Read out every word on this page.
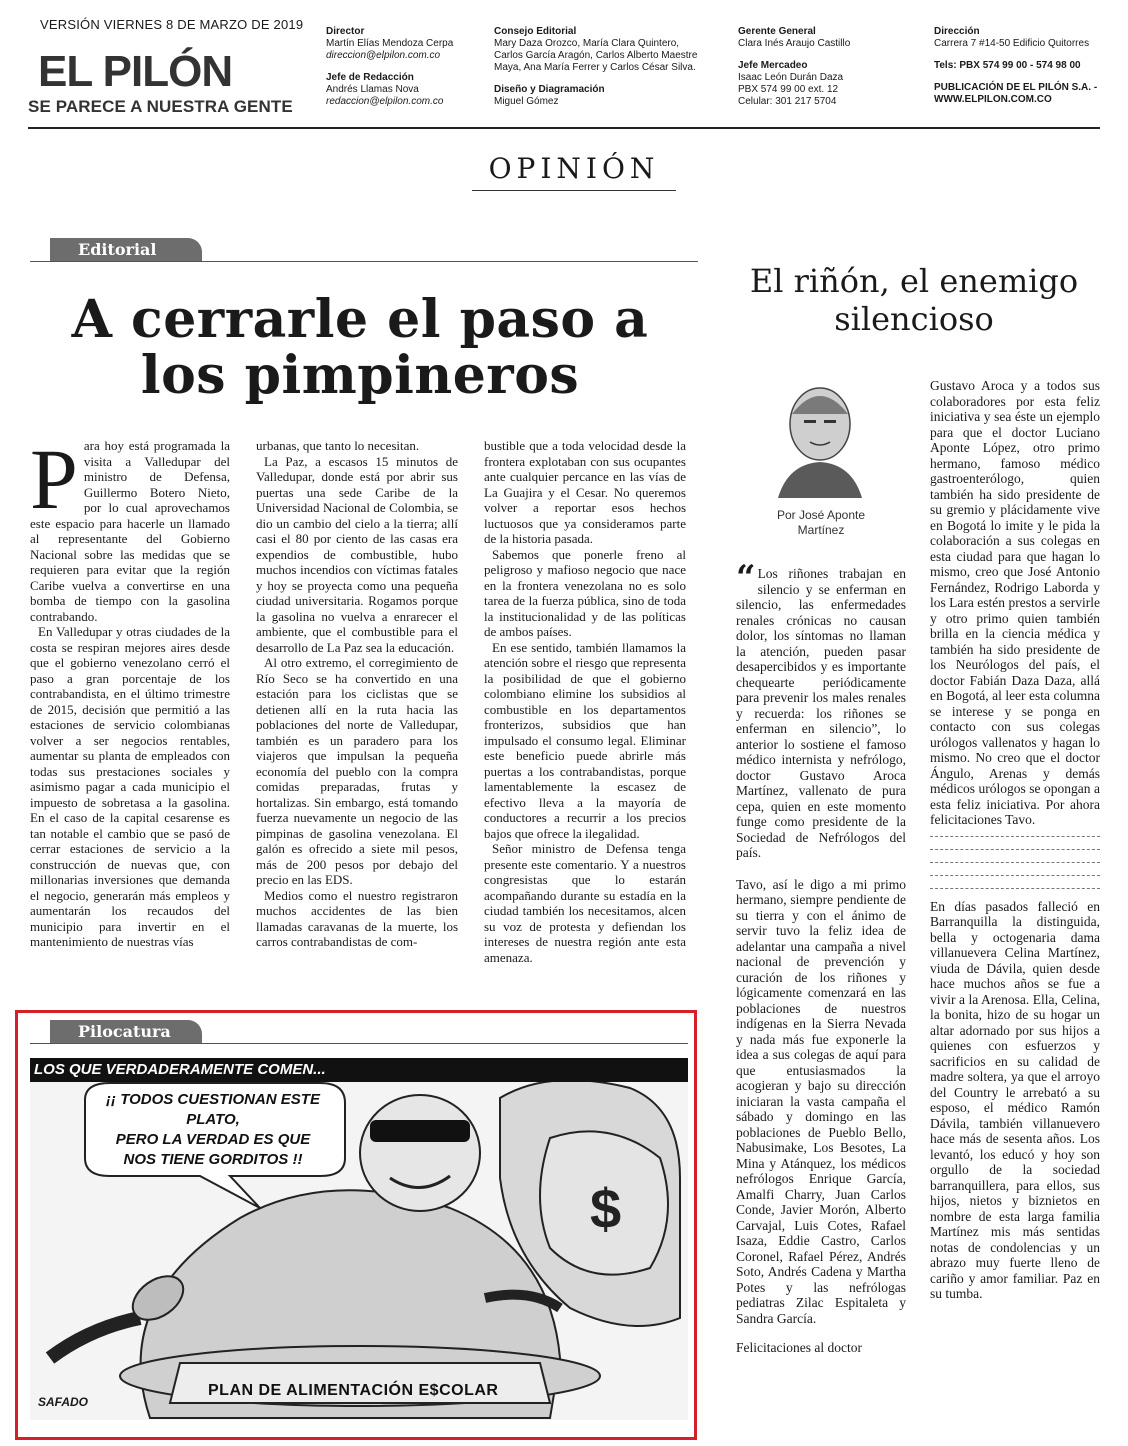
VERSIÓN VIERNES 8 DE MARZO DE 2019
EL PILÓN
SE PARECE A NUESTRA GENTE
Director
Martín Elías Mendoza Cerpa
direccion@elpilon.com.co
Jefe de Redacción
Andrés Llamas Nova
redaccion@elpilon.com.co
Consejo Editorial
Mary Daza Orozco, María Clara Quintero,
Carlos García Aragón, Carlos Alberto Maestre
Maya, Ana María Ferrer y Carlos César Silva.
Diseño y Diagramación
Miguel Gómez
Gerente General
Clara Inés Araujo Castillo
Jefe Mercadeo
Isaac León Durán Daza
PBX 574 99 00 ext. 12
Celular: 301 217 5704
Dirección
Carrera 7 #14-50 Edificio Quitorres
Tels: PBX 574 99 00 - 574 98 00
PUBLICACIÓN DE EL PILÓN S.A. -
WWW.ELPILON.COM.CO
OPINIÓN
Editorial
A cerrarle el paso a
los pimpineros
P ara hoy está programada la visita a Valledupar del ministro de Defensa, Guillermo Botero Nieto, por lo cual aprovechamos este espacio para hacerle un llamado al representante del Gobierno Nacional sobre las medidas que se requieren para evitar que la región Caribe vuelva a convertirse en una bomba de tiempo con la gasolina contrabando.

En Valledupar y otras ciudades de la costa se respiran mejores aires desde que el gobierno venezolano cerró el paso a gran porcentaje de los contrabandista, en el último trimestre de 2015, decisión que permitió a las estaciones de servicio colombianas volver a ser negocios rentables, aumentar su planta de empleados con todas sus prestaciones sociales y asimismo pagar a cada municipio el impuesto de sobretasa a la gasolina. En el caso de la capital cesarense es tan notable el cambio que se pasó de cerrar estaciones de servicio a la construcción de nuevas que, con millonarias inversiones que demanda el negocio, generarán más empleos y aumentarán los recaudos del municipio para invertir en el mantenimiento de nuestras vías

urbanas, que tanto lo necesitan.

La Paz, a escasos 15 minutos de Valledupar, donde está por abrir sus puertas una sede Caribe de la Universidad Nacional de Colombia, se dio un cambio del cielo a la tierra; allí casi el 80 por ciento de las casas era expendios de combustible, hubo muchos incendios con víctimas fatales y hoy se proyecta como una pequeña ciudad universitaria. Rogamos porque la gasolina no vuelva a enrarecer el ambiente, que el combustible para el desarrollo de La Paz sea la educación.

Al otro extremo, el corregimiento de Río Seco se ha convertido en una estación para los ciclistas que se detienen allí en la ruta hacia las poblaciones del norte de Valledupar, también es un paradero para los viajeros que impulsan la pequeña economía del pueblo con la compra comidas preparadas, frutas y hortalizas. Sin embargo, está tomando fuerza nuevamente un negocio de las pimpinas de gasolina venezolana. El galón es ofrecido a siete mil pesos, más de 200 pesos por debajo del precio en las EDS.

Medios como el nuestro registraron muchos accidentes de las bien llamadas caravanas de la muerte, los carros contrabandistas de com-

bustible que a toda velocidad desde la frontera explotaban con sus ocupantes ante cualquier percance en las vías de La Guajira y el Cesar. No queremos volver a reportar esos hechos luctuosos que ya consideramos parte de la historia pasada.

Sabemos que ponerle freno al peligroso y mafioso negocio que nace en la frontera venezolana no es solo tarea de la fuerza pública, sino de toda la institucionalidad y de las políticas de ambos países.

En ese sentido, también llamamos la atención sobre el riesgo que representa la posibilidad de que el gobierno colombiano elimine los subsidios al combustible en los departamentos fronterizos, subsidios que han impulsado el consumo legal. Eliminar este beneficio puede abrirle más puertas a los contrabandistas, porque lamentablemente la escasez de efectivo lleva a la mayoría de conductores a recurrir a los precios bajos que ofrece la ilegalidad.

Señor ministro de Defensa tenga presente este comentario. Y a nuestros congresistas que lo estarán acompañando durante su estadía en la ciudad también los necesitamos, alcen su voz de protesta y defiendan los intereses de nuestra región ante esta amenaza.

Pilocatura
$
LOS QUE VERDADERAMENTE COMEN...
¡¡ TODOS CUESTIONAN ESTE PLATO,
PERO LA VERDAD ES QUE
NOS TIENE GORDITOS !!
PLAN DE ALIMENTACIÓN E$COLAR
SAFADO
El riñón, el enemigo
silencioso
Por José Aponte
Martínez
“ Los riñones trabajan en silencio y se enferman en silencio, las enfermedades renales crónicas no causan dolor, los síntomas no llaman la atención, pueden pasar desapercibidos y es importante chequearte periódicamente para prevenir los males renales y recuerda: los riñones se enferman en silencio”, lo anterior lo sostiene el famoso médico internista y nefrólogo, doctor Gustavo Aroca Martínez, vallenato de pura cepa, quien en este momento funge como presidente de la Sociedad de Nefrólogos del país.

Tavo, así le digo a mi primo hermano, siempre pendiente de su tierra y con el ánimo de servir tuvo la feliz idea de adelantar una campaña a nivel nacional de prevención y curación de los riñones y lógicamente comenzará en las poblaciones de nuestros indígenas en la Sierra Nevada y nada más fue exponerle la idea a sus colegas de aquí para que entusiasmados la acogieran y bajo su dirección iniciaran la vasta campaña el sábado y domingo en las poblaciones de Pueblo Bello, Nabusimake, Los Besotes, La Mina y Atánquez, los médicos nefrólogos Enrique García, Amalfi Charry, Juan Carlos Conde, Javier Morón, Alberto Carvajal, Luis Cotes, Rafael Isaza, Eddie Castro, Carlos Coronel, Rafael Pérez, Andrés Soto, Andrés Cadena y Martha Potes y las nefrólogas pediatras Zilac Espitaleta y Sandra García.

Felicitaciones al doctor

Gustavo Aroca y a todos sus colaboradores por esta feliz iniciativa y sea éste un ejemplo para que el doctor Luciano Aponte López, otro primo hermano, famoso médico gastroenterólogo, quien también ha sido presidente de su gremio y plácidamente vive en Bogotá lo imite y le pida la colaboración a sus colegas en esta ciudad para que hagan lo mismo, creo que José Antonio Fernández, Rodrigo Laborda y los Lara estén prestos a servirle y otro primo quien también brilla en la ciencia médica y también ha sido presidente de los Neurólogos del país, el doctor Fabián Daza Daza, allá en Bogotá, al leer esta columna se interese y se ponga en contacto con sus colegas urólogos vallenatos y hagan lo mismo. No creo que el doctor Ángulo, Arenas y demás médicos urólogos se opongan a esta feliz iniciativa. Por ahora felicitaciones Tavo.

En días pasados falleció en Barranquilla la distinguida, bella y octogenaria dama villanuevera Celina Martínez, viuda de Dávila, quien desde hace muchos años se fue a vivir a la Arenosa. Ella, Celina, la bonita, hizo de su hogar un altar adornado por sus hijos a quienes con esfuerzos y sacrificios en su calidad de madre soltera, ya que el arroyo del Country le arrebató a su esposo, el médico Ramón Dávila, también villanuevero hace más de sesenta años. Los levantó, los educó y hoy son orgullo de la sociedad barranquillera, para ellos, sus hijos, nietos y biznietos en nombre de esta larga familia Martínez mis más sentidas notas de condolencias y un abrazo muy fuerte lleno de cariño y amor familiar. Paz en su tumba.
